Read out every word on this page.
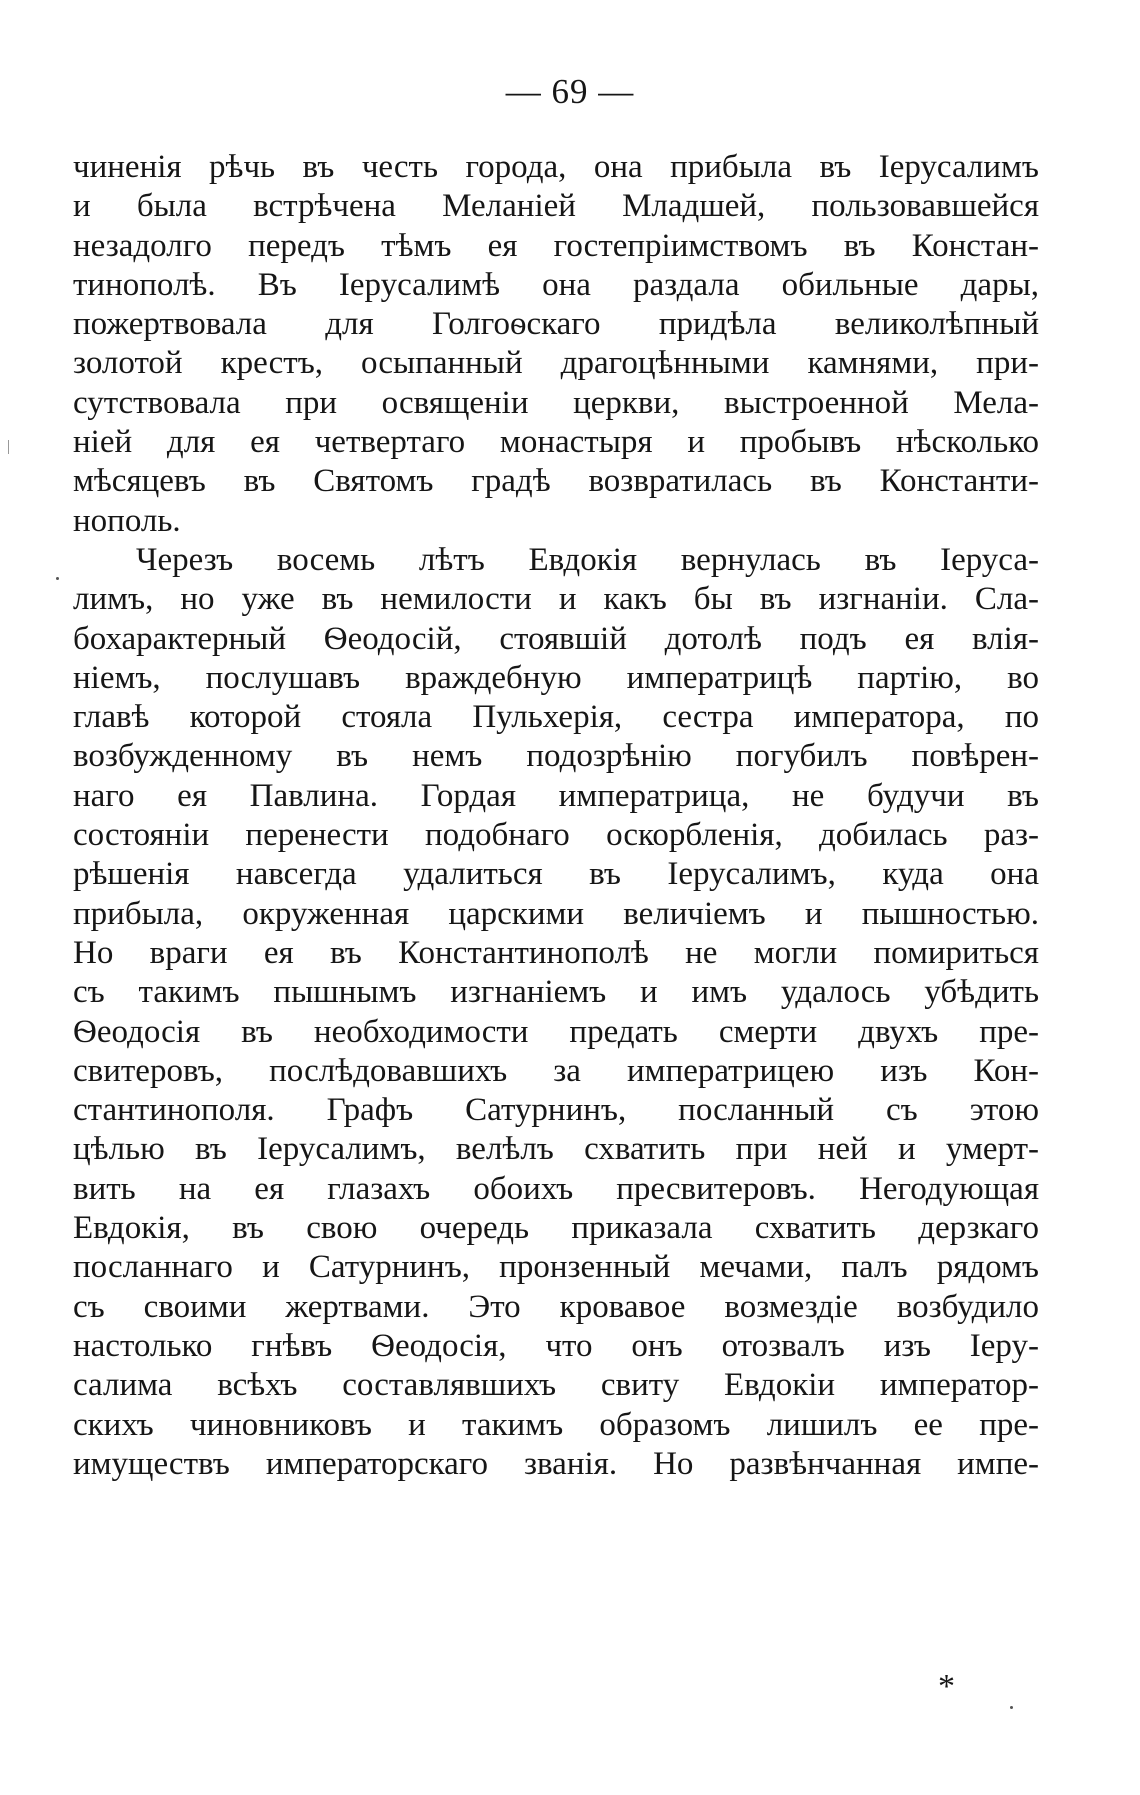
— 69 —
чиненія рѣчь въ честь города, она прибыла въ Іерусалимъ
и была встрѣчена Меланіей Младшей, пользовавшейся
незадолго передъ тѣмъ ея гостепріимствомъ въ Констан-
тинополѣ. Въ Іерусалимѣ она раздала обильные дары,
пожертвовала для Голгоѳскаго придѣла великолѣпный
золотой крестъ, осыпанный драгоцѣнными камнями, при-
сутствовала при освященіи церкви, выстроенной Мела-
ніей для ея четвертаго монастыря и пробывъ нѣсколько
мѣсяцевъ въ Святомъ градѣ возвратилась въ Константи-
нополь.
Черезъ восемь лѣтъ Евдокія вернулась въ Іеруса-
лимъ, но уже въ немилости и какъ бы въ изгнаніи. Сла-
бохарактерный Ѳеодосій, стоявшій дотолѣ подъ ея влія-
ніемъ, послушавъ враждебную императрицѣ партію, во
главѣ которой стояла Пульхерія, сестра императора, по
возбужденному въ немъ подозрѣнію погубилъ повѣрен-
наго ея Павлина. Гордая императрица, не будучи въ
состояніи перенести подобнаго оскорбленія, добилась раз-
рѣшенія навсегда удалиться въ Іерусалимъ, куда она
прибыла, окруженная царскими величіемъ и пышностью.
Но враги ея въ Константинополѣ не могли помириться
съ такимъ пышнымъ изгнаніемъ и имъ удалось убѣдить
Ѳеодосія въ необходимости предать смерти двухъ пре-
свитеровъ, послѣдовавшихъ за императрицею изъ Кон-
стантинополя. Графъ Сатурнинъ, посланный съ этою
цѣлью въ Іерусалимъ, велѣлъ схватить при ней и умерт-
вить на ея глазахъ обоихъ пресвитеровъ. Негодующая
Евдокія, въ свою очередь приказала схватить дерзкаго
посланнаго и Сатурнинъ, пронзенный мечами, палъ рядомъ
съ своими жертвами. Это кровавое возмездіе возбудило
настолько гнѣвъ Ѳеодосія, что онъ отозвалъ изъ Іеру-
салима всѣхъ составлявшихъ свиту Евдокіи император-
скихъ чиновниковъ и такимъ образомъ лишилъ ее пре-
имуществъ императорскаго званія. Но развѣнчанная импе-
*
